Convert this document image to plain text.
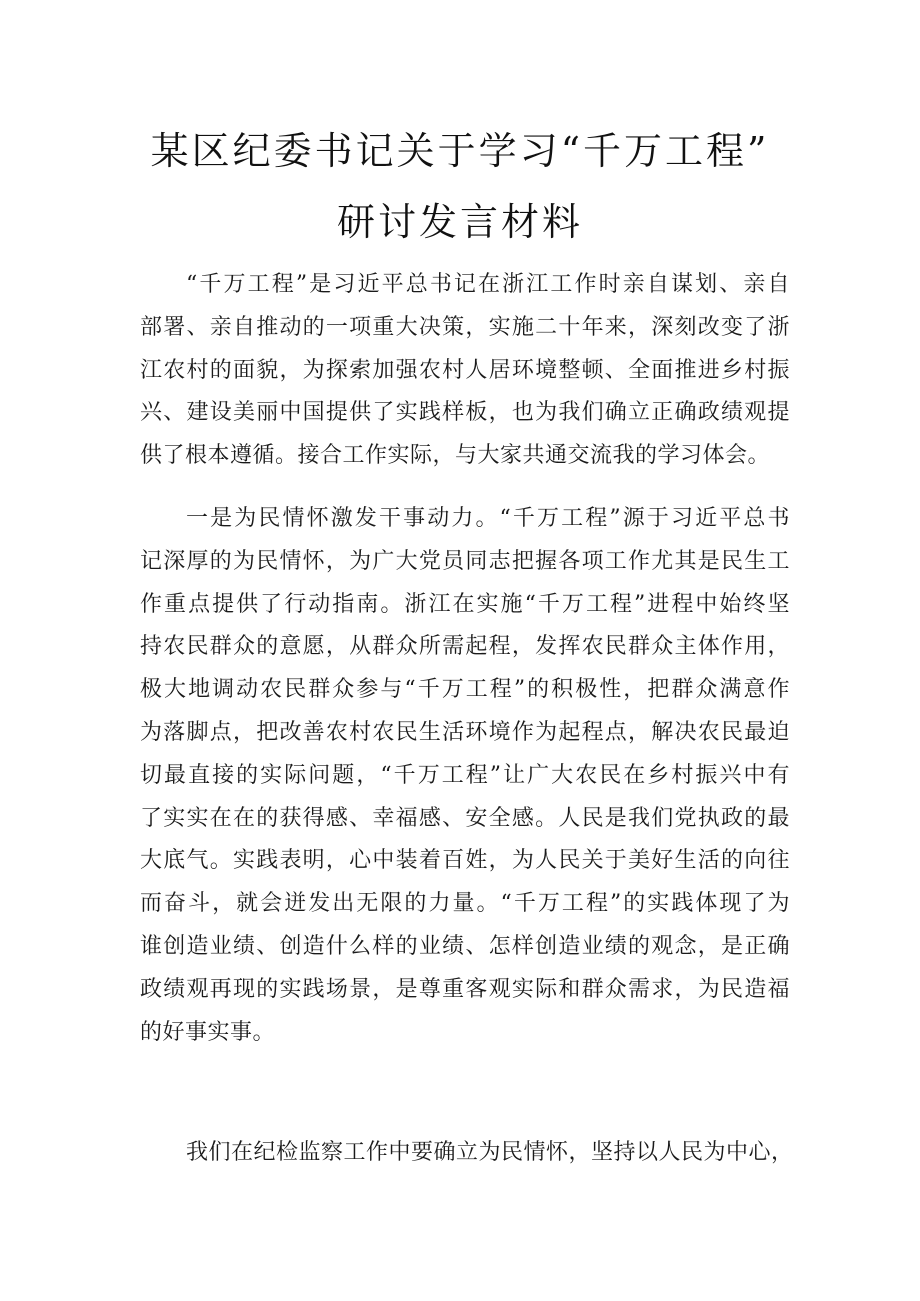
某区纪委书记关于学习“千万工程”
研讨发言材料

“千万工程”是习近平总书记在浙江工作时亲自谋划、亲自
部署、亲自推动的一项重大决策，实施二十年来，深刻改变了浙
江农村的面貌，为探索加强农村人居环境整顿、全面推进乡村振
兴、建设美丽中国提供了实践样板，也为我们确立正确政绩观提
供了根本遵循。接合工作实际，与大家共通交流我的学习体会。

一是为民情怀激发干事动力。“千万工程”源于习近平总书
记深厚的为民情怀，为广大党员同志把握各项工作尤其是民生工
作重点提供了行动指南。浙江在实施“千万工程”进程中始终坚
持农民群众的意愿，从群众所需起程，发挥农民群众主体作用，
极大地调动农民群众参与“千万工程”的积极性，把群众满意作
为落脚点，把改善农村农民生活环境作为起程点，解决农民最迫
切最直接的实际问题，“千万工程”让广大农民在乡村振兴中有
了实实在在的获得感、幸福感、安全感。人民是我们党执政的最
大底气。实践表明，心中装着百姓，为人民关于美好生活的向往
而奋斗，就会迸发出无限的力量。“千万工程”的实践体现了为
谁创造业绩、创造什么样的业绩、怎样创造业绩的观念，是正确
政绩观再现的实践场景，是尊重客观实际和群众需求，为民造福
的好事实事。

我们在纪检监察工作中要确立为民情怀，坚持以人民为中心，
